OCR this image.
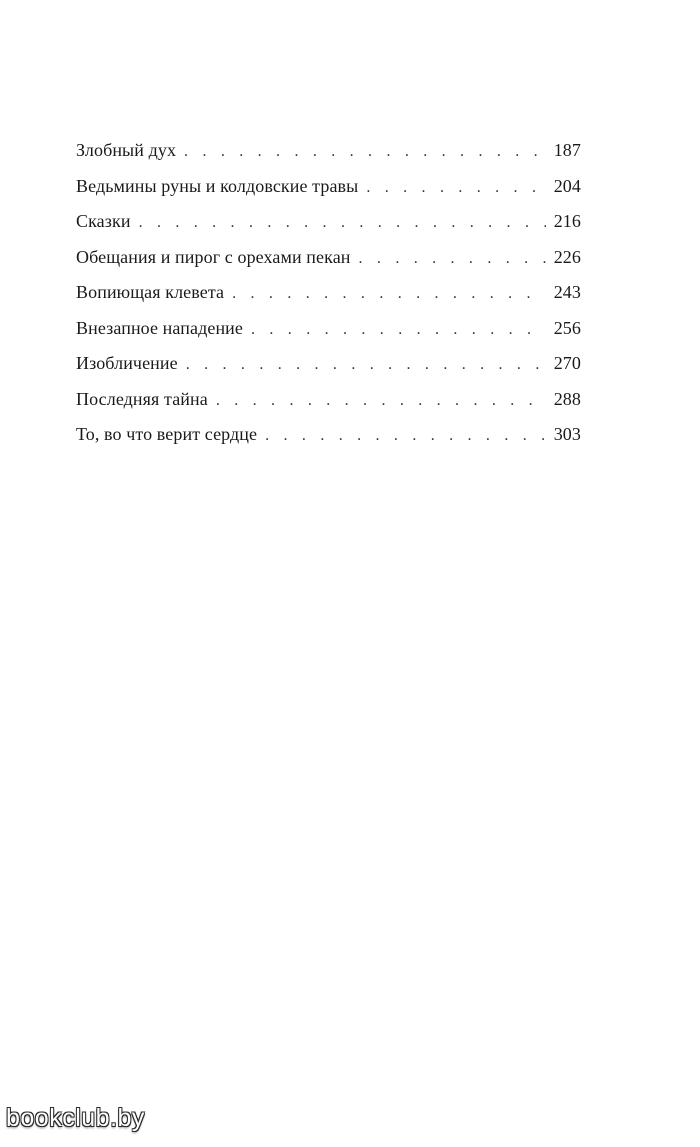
Злобный дух . . .	187
Ведьмины руны и колдовские травы . . .	204
Сказки . . .	216
Обещания и пирог с орехами пекан . . .	226
Вопиющая клевета . . .	243
Внезапное нападение . . .	256
Изобличение . . .	270
Последняя тайна . . .	288
То, во что верит сердце . . .	303
bookclub.by
